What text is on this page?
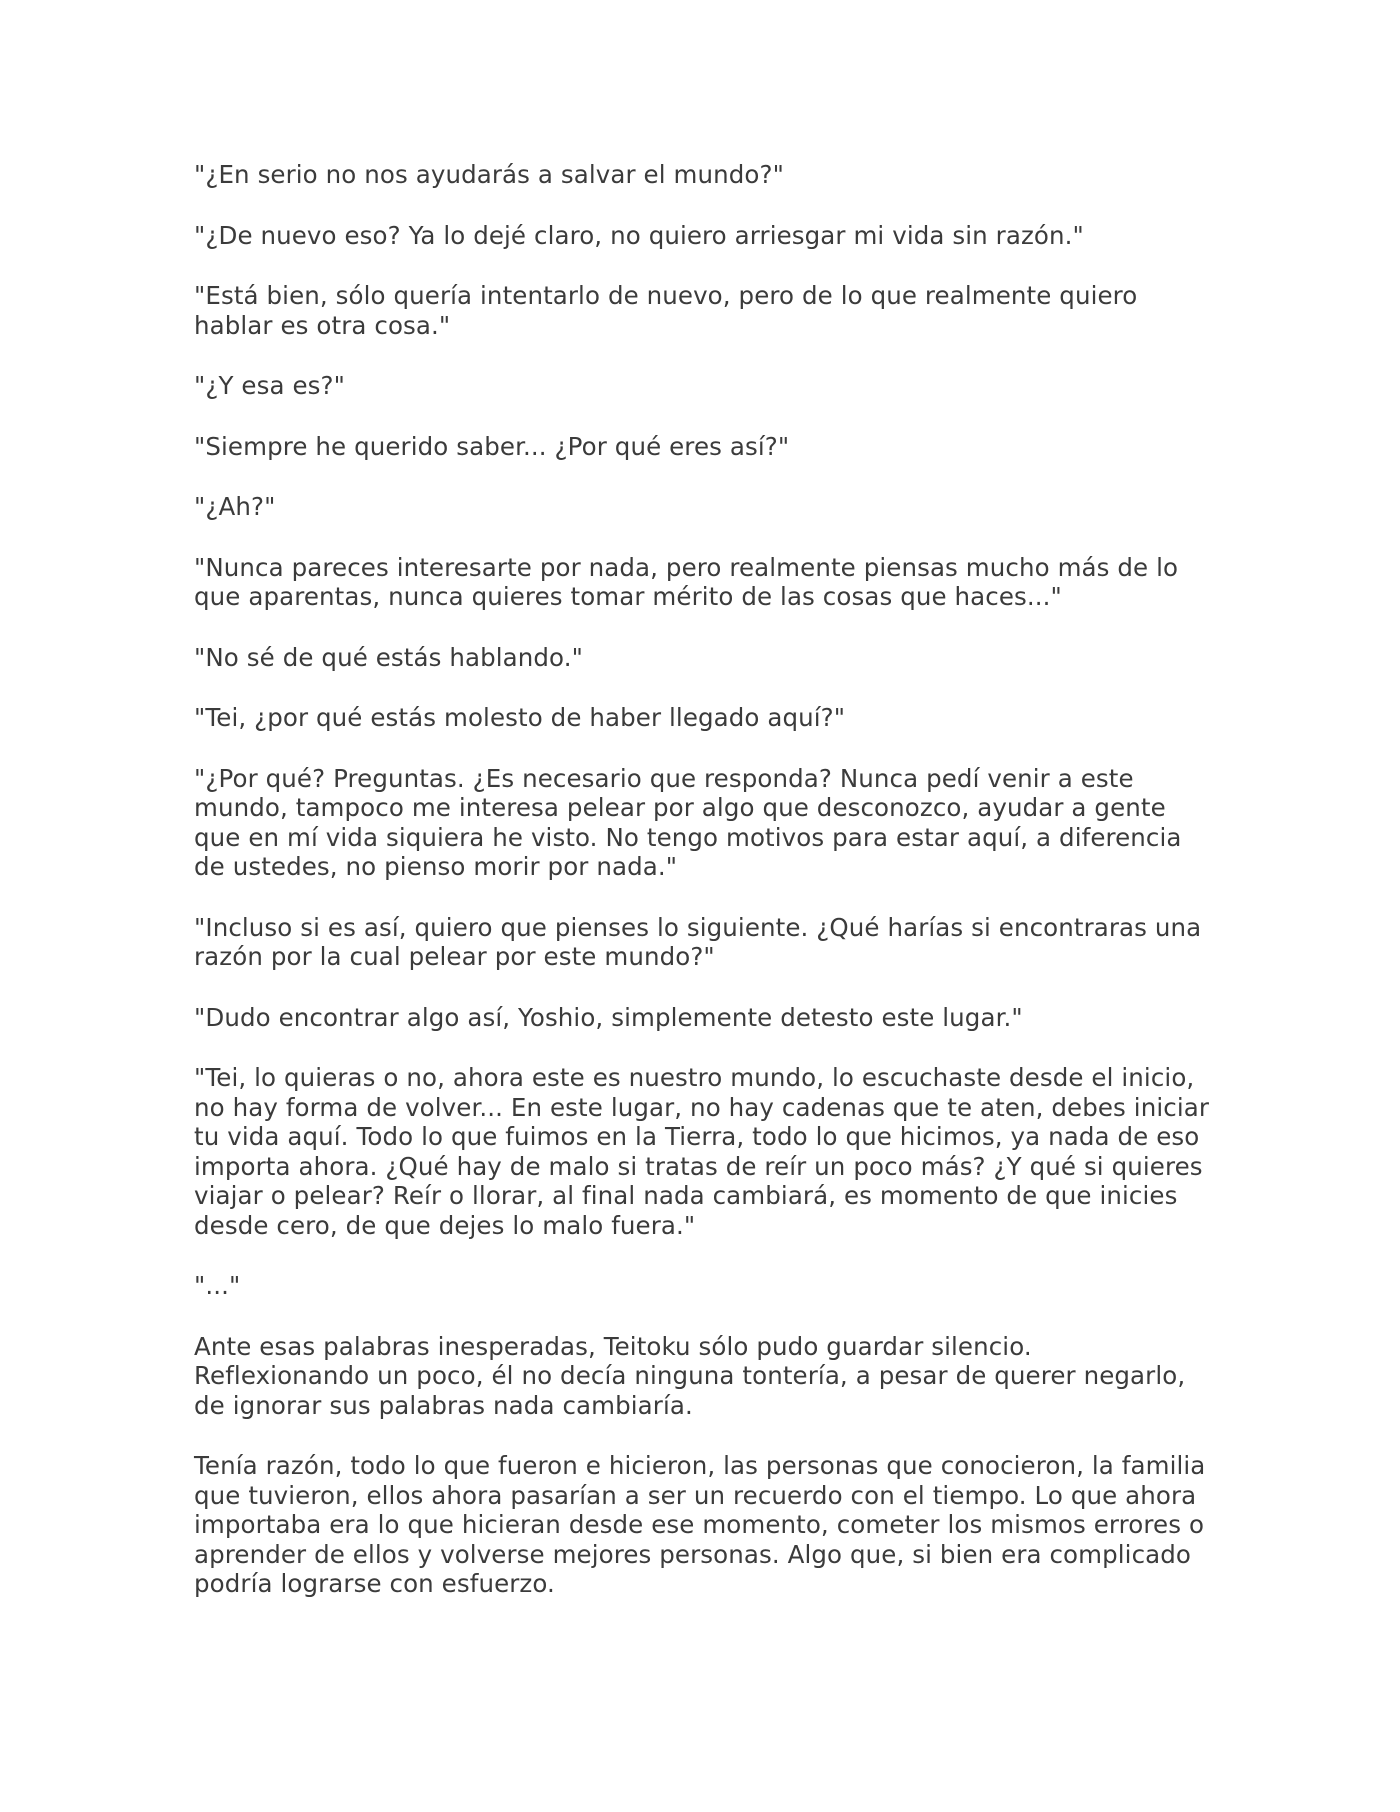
"¿En serio no nos ayudarás a salvar el mundo?"

"¿De nuevo eso? Ya lo dejé claro, no quiero arriesgar mi vida sin razón."

"Está bien, sólo quería intentarlo de nuevo, pero de lo que realmente quiero hablar es otra cosa."

"¿Y esa es?"

"Siempre he querido saber... ¿Por qué eres así?"

"¿Ah?"

"Nunca pareces interesarte por nada, pero realmente piensas mucho más de lo que aparentas, nunca quieres tomar mérito de las cosas que haces..."

"No sé de qué estás hablando."

"Tei, ¿por qué estás molesto de haber llegado aquí?"

"¿Por qué? Preguntas. ¿Es necesario que responda? Nunca pedí venir a este mundo, tampoco me interesa pelear por algo que desconozco, ayudar a gente que en mí vida siquiera he visto. No tengo motivos para estar aquí, a diferencia de ustedes, no pienso morir por nada."

"Incluso si es así, quiero que pienses lo siguiente. ¿Qué harías si encontraras una razón por la cual pelear por este mundo?"

"Dudo encontrar algo así, Yoshio, simplemente detesto este lugar."

"Tei, lo quieras o no, ahora este es nuestro mundo, lo escuchaste desde el inicio, no hay forma de volver... En este lugar, no hay cadenas que te aten, debes iniciar tu vida aquí. Todo lo que fuimos en la Tierra, todo lo que hicimos, ya nada de eso importa ahora. ¿Qué hay de malo si tratas de reír un poco más? ¿Y qué si quieres viajar o pelear? Reír o llorar, al final nada cambiará, es momento de que inicies desde cero, de que dejes lo malo fuera."

"..."

Ante esas palabras inesperadas, Teitoku sólo pudo guardar silencio. Reflexionando un poco, él no decía ninguna tontería, a pesar de querer negarlo, de ignorar sus palabras nada cambiaría.

Tenía razón, todo lo que fueron e hicieron, las personas que conocieron, la familia que tuvieron, ellos ahora pasarían a ser un recuerdo con el tiempo. Lo que ahora importaba era lo que hicieran desde ese momento, cometer los mismos errores o aprender de ellos y volverse mejores personas. Algo que, si bien era complicado podría lograrse con esfuerzo.
